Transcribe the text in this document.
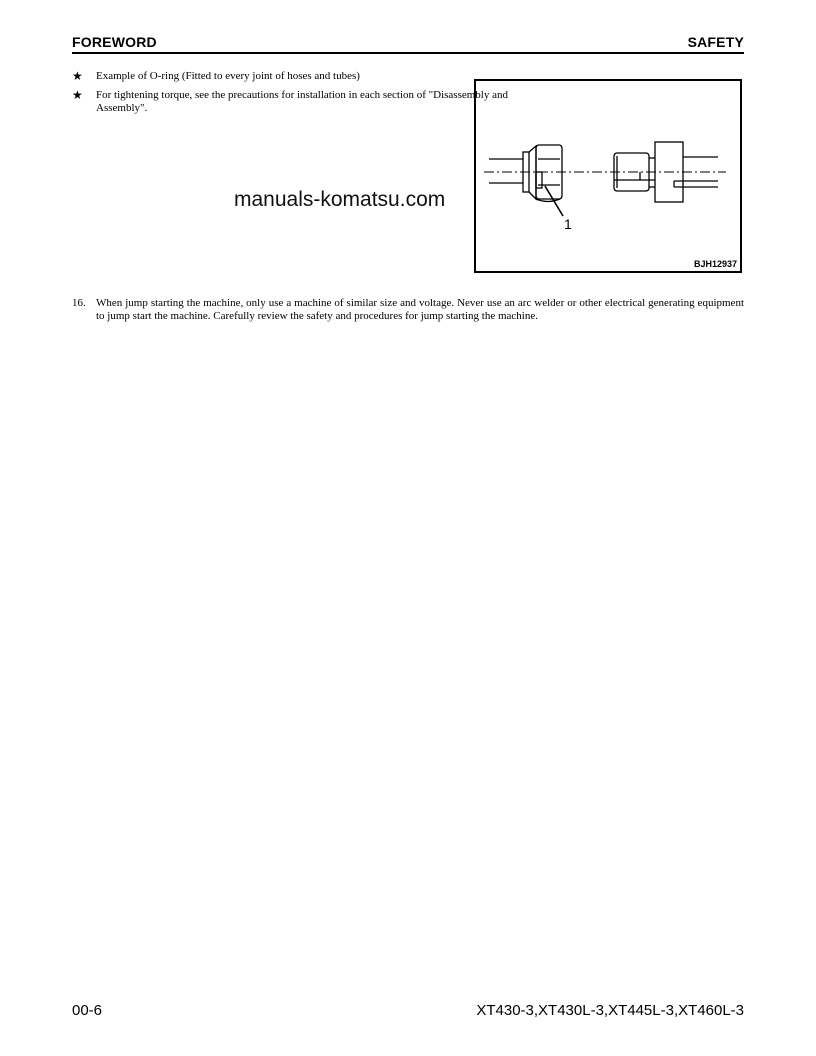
FOREWORD	SAFETY
★ Example of O-ring (Fitted to every joint of hoses and tubes)
★ For tightening torque, see the precautions for installation in each section of "Disassembly and Assembly".
1
BJH12937
manuals-komatsu.com
16. When jump starting the machine, only use a machine of similar size and voltage. Never use an arc welder or other electrical generating equipment to jump start the machine. Carefully review the safety and procedures for jump starting the machine.
00-6	XT430-3,XT430L-3,XT445L-3,XT460L-3
